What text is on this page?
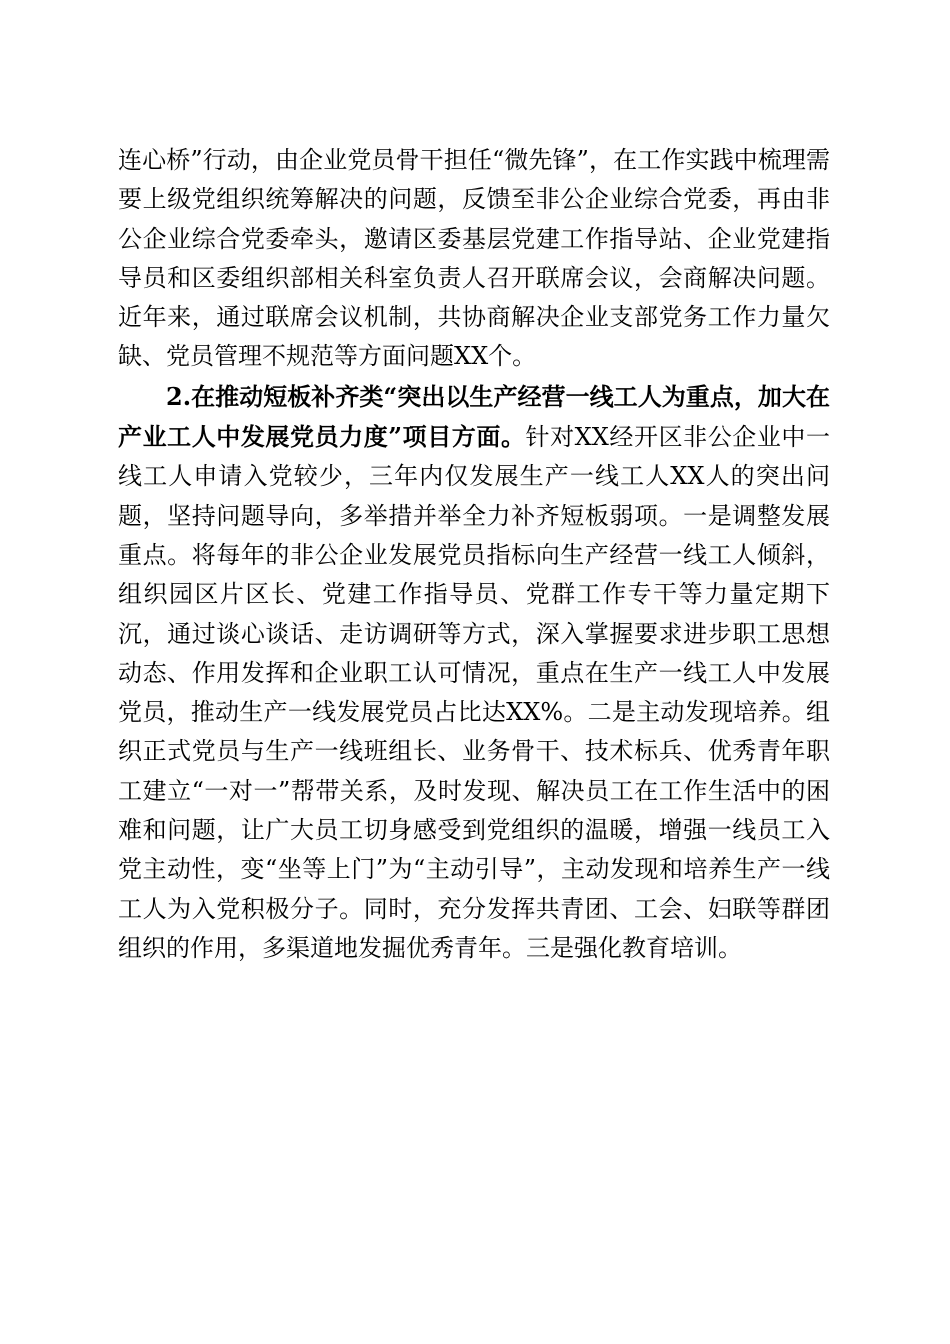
连心桥”行动，由企业党员骨干担任“微先锋”，在工作实践中梳理需要上级党组织统筹解决的问题，反馈至非公企业综合党委，再由非公企业综合党委牵头，邀请区委基层党建工作指导站、企业党建指导员和区委组织部相关科室负责人召开联席会议，会商解决问题。近年来，通过联席会议机制，共协商解决企业支部党务工作力量欠缺、党员管理不规范等方面问题XX个。

2.在推动短板补齐类“突出以生产经营一线工人为重点，加大在产业工人中发展党员力度”项目方面。针对XX经开区非公企业中一线工人申请入党较少，三年内仅发展生产一线工人XX人的突出问题，坚持问题导向，多举措并举全力补齐短板弱项。一是调整发展重点。将每年的非公企业发展党员指标向生产经营一线工人倾斜，组织园区片区长、党建工作指导员、党群工作专干等力量定期下沉，通过谈心谈话、走访调研等方式，深入掌握要求进步职工思想动态、作用发挥和企业职工认可情况，重点在生产一线工人中发展党员，推动生产一线发展党员占比达XX%。二是主动发现培养。组织正式党员与生产一线班组长、业务骨干、技术标兵、优秀青年职工建立“一对一”帮带关系，及时发现、解决员工在工作生活中的困难和问题，让广大员工切身感受到党组织的温暖，增强一线员工入党主动性，变“坐等上门”为“主动引导”，主动发现和培养生产一线工人为入党积极分子。同时，充分发挥共青团、工会、妇联等群团组织的作用，多渠道地发掘优秀青年。三是强化教育培训。
